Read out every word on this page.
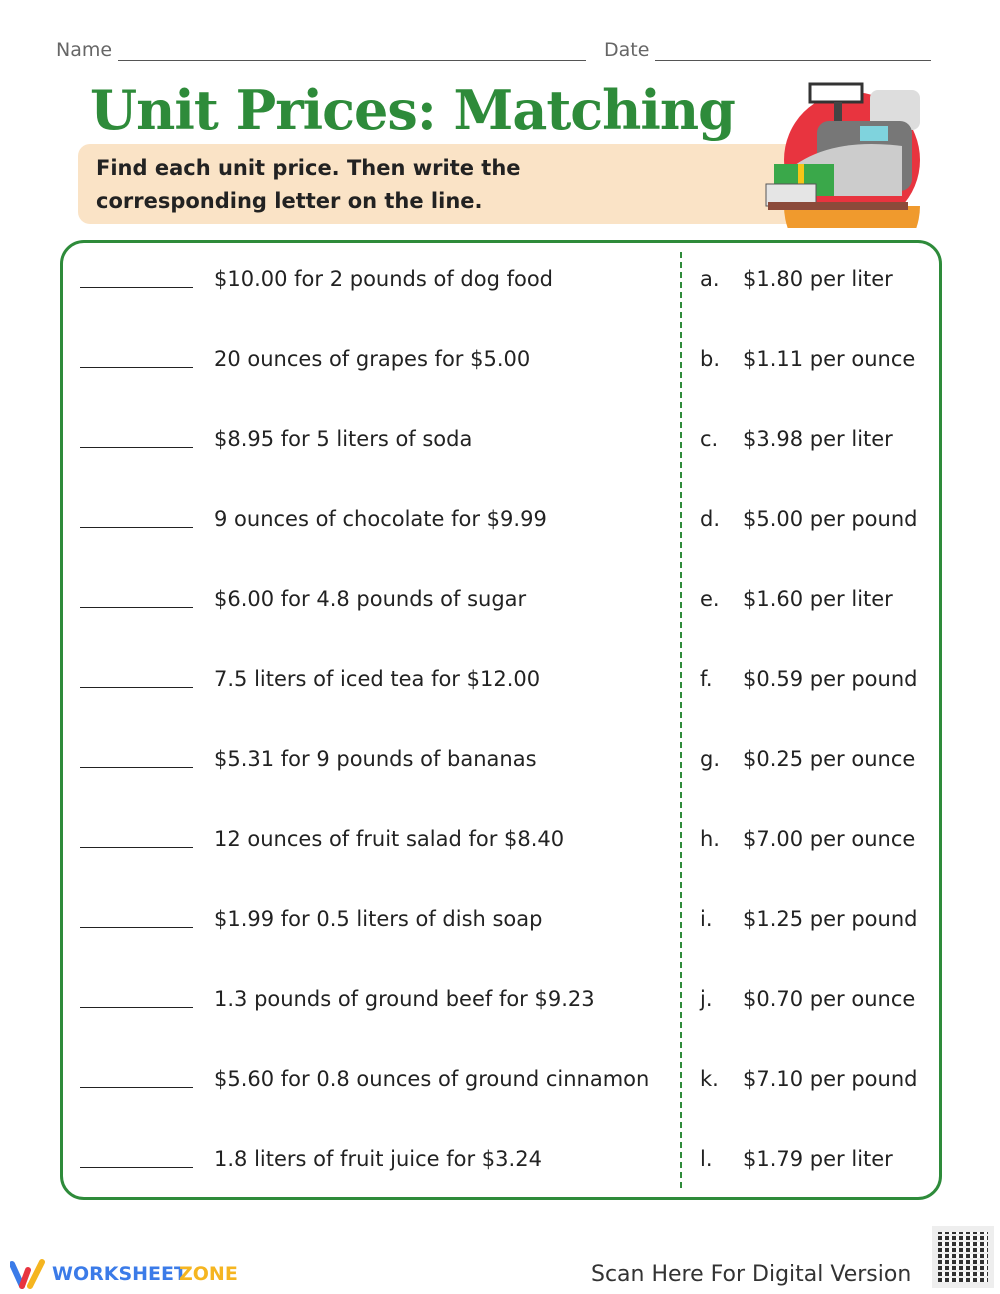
Name	Date
Find each unit price. Then write the corresponding letter on the line.
Unit Prices: Matching
$10.00 for 2 pounds of dog food	a. $1.80 per liter
20 ounces of grapes for $5.00	b. $1.11 per ounce
$8.95 for 5 liters of soda	c. $3.98 per liter
9 ounces of chocolate for $9.99	d. $5.00 per pound
$6.00 for 4.8 pounds of sugar	e. $1.60 per liter
7.5 liters of iced tea for $12.00	f. $0.59 per pound
$5.31 for 9 pounds of bananas	g. $0.25 per ounce
12 ounces of fruit salad for $8.40	h. $7.00 per ounce
$1.99 for 0.5 liters of dish soap	i. $1.25 per pound
1.3 pounds of ground beef for $9.23	j. $0.70 per ounce
$5.60 for 0.8 ounces of ground cinnamon k. $7.10 per pound
1.8 liters of fruit juice for $3.24	l. $1.79 per liter
WORKSHEET
ZONE	Scan Here For Digital Version
